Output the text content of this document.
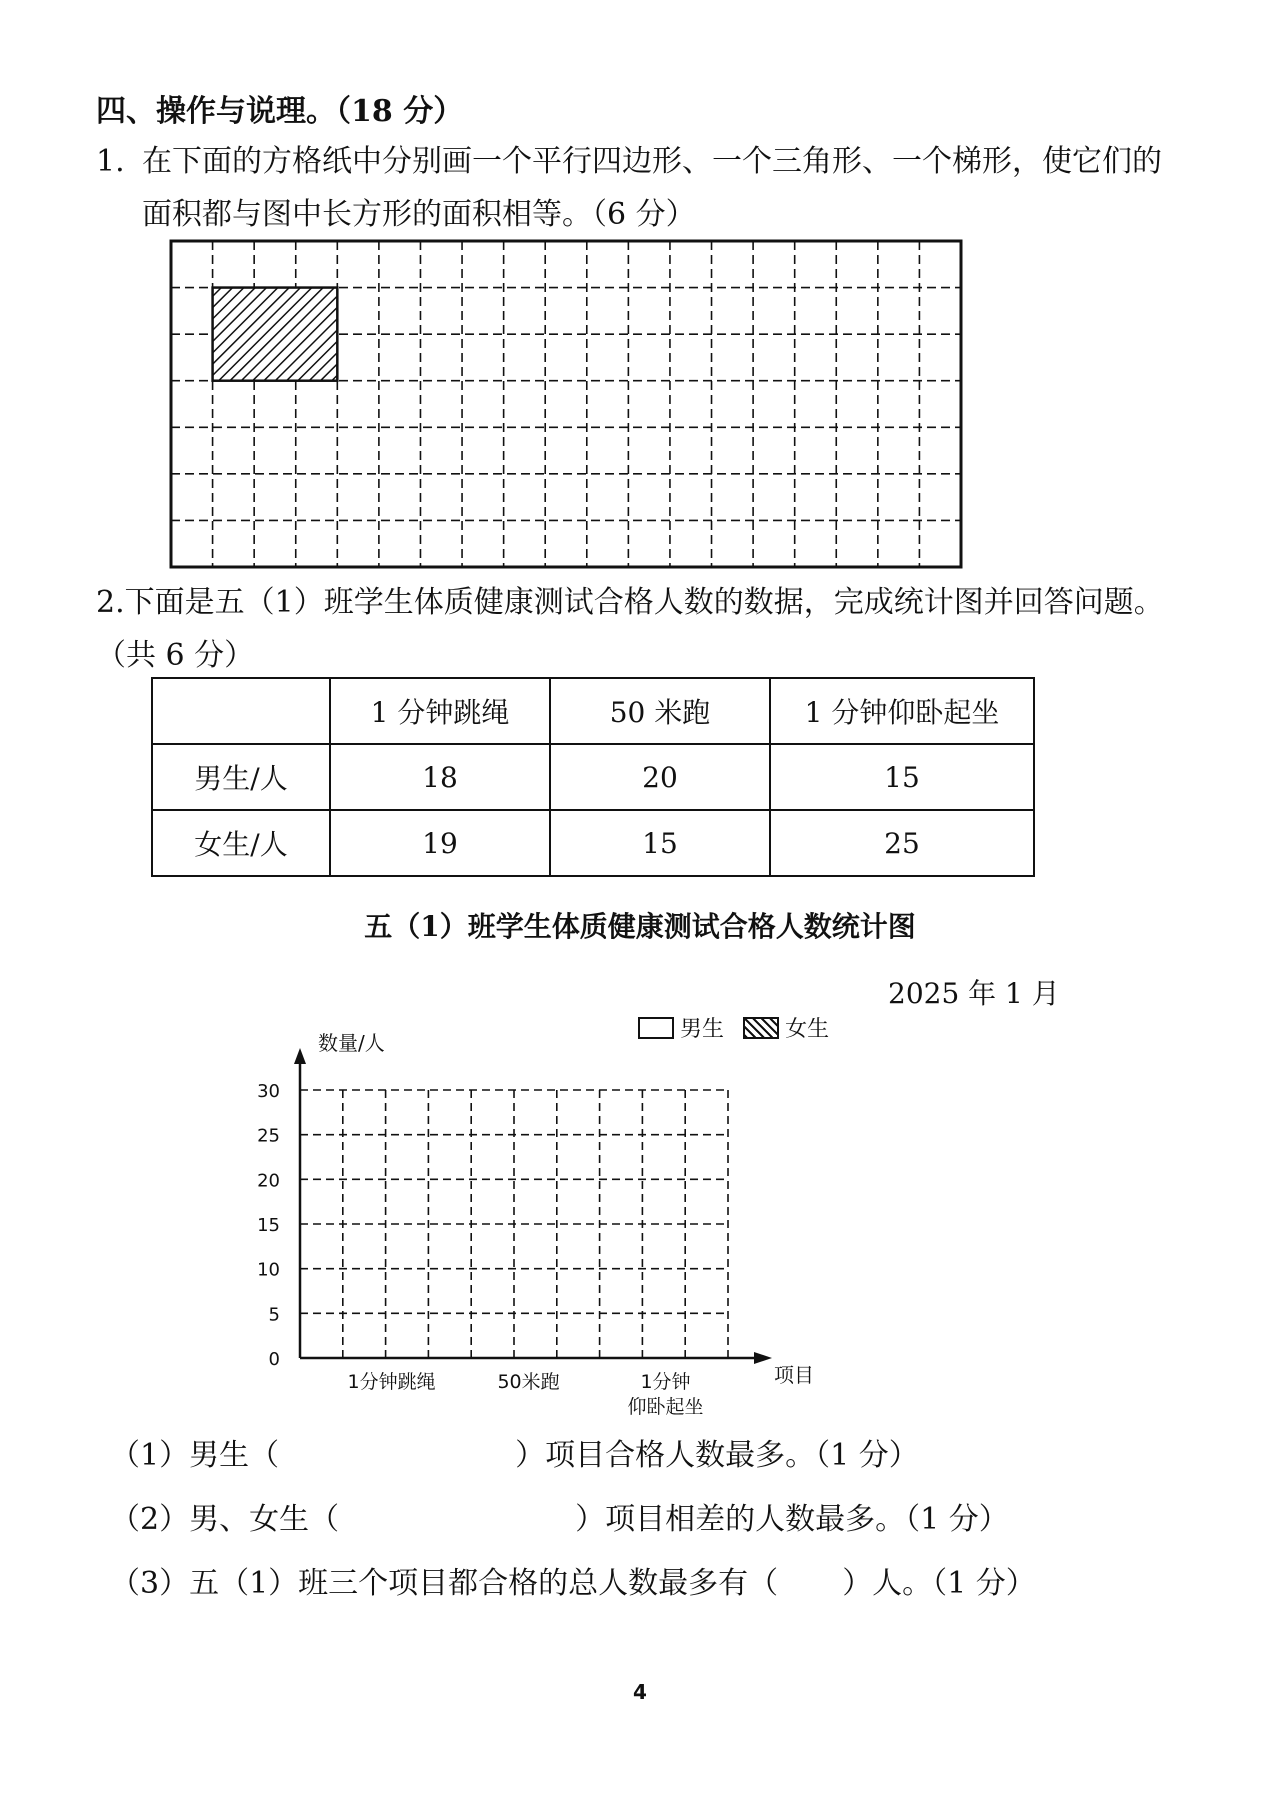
四、操作与说理。（18 分）
1. 在下面的方格纸中分别画一个平行四边形、一个三角形、一个梯形，使它们的
面积都与图中长方形的面积相等。（6 分）
2.下面是五（1）班学生体质健康测试合格人数的数据，完成统计图并回答问题。
（共 6 分）
	1 分钟跳绳	50 米跑	1 分钟仰卧起坐
男生/人	18	20	15
女生/人	19	15	25
五（1）班学生体质健康测试合格人数统计图
2025 年 1 月
男生	女生
数量/人
0
5
10
15
20
25
30
1分钟跳绳	50米跑	1分钟
仰卧起坐
项目
（1）男生（	）项目合格人数最多。（1 分）
（2）男、女生（	）项目相差的人数最多。（1 分）
（3）五（1）班三个项目都合格的总人数最多有（ ）人。（1 分）
4
